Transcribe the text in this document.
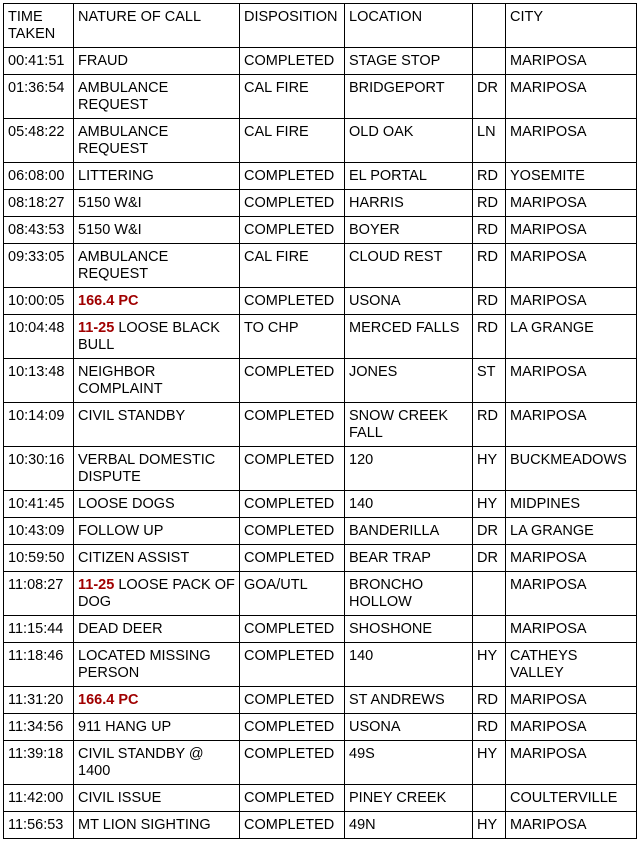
TIME TAKEN	NATURE OF CALL	DISPOSITION	LOCATION		CITY
00:41:51	FRAUD	COMPLETED	STAGE STOP		MARIPOSA
01:36:54	AMBULANCE REQUEST	CAL FIRE	BRIDGEPORT	DR	MARIPOSA
05:48:22	AMBULANCE REQUEST	CAL FIRE	OLD OAK	LN	MARIPOSA
06:08:00	LITTERING	COMPLETED	EL PORTAL	RD	YOSEMITE
08:18:27	5150 W&I	COMPLETED	HARRIS	RD	MARIPOSA
08:43:53	5150 W&I	COMPLETED	BOYER	RD	MARIPOSA
09:33:05	AMBULANCE REQUEST	CAL FIRE	CLOUD REST	RD	MARIPOSA
10:00:05	166.4 PC	COMPLETED	USONA	RD	MARIPOSA
10:04:48	11-25 LOOSE BLACK BULL	TO CHP	MERCED FALLS	RD	LA GRANGE
10:13:48	NEIGHBOR COMPLAINT	COMPLETED	JONES	ST	MARIPOSA
10:14:09	CIVIL STANDBY	COMPLETED	SNOW CREEK FALL	RD	MARIPOSA
10:30:16	VERBAL DOMESTIC DISPUTE	COMPLETED	120	HY	BUCKMEADOWS
10:41:45	LOOSE DOGS	COMPLETED	140	HY	MIDPINES
10:43:09	FOLLOW UP	COMPLETED	BANDERILLA	DR	LA GRANGE
10:59:50	CITIZEN ASSIST	COMPLETED	BEAR TRAP	DR	MARIPOSA
11:08:27	11-25 LOOSE PACK OF DOG	GOA/UTL	BRONCHO HOLLOW		MARIPOSA
11:15:44	DEAD DEER	COMPLETED	SHOSHONE		MARIPOSA
11:18:46	LOCATED MISSING PERSON	COMPLETED	140	HY	CATHEYS VALLEY
11:31:20	166.4 PC	COMPLETED	ST ANDREWS	RD	MARIPOSA
11:34:56	911 HANG UP	COMPLETED	USONA	RD	MARIPOSA
11:39:18	CIVIL STANDBY @ 1400	COMPLETED	49S	HY	MARIPOSA
11:42:00	CIVIL ISSUE	COMPLETED	PINEY CREEK		COULTERVILLE
11:56:53	MT LION SIGHTING	COMPLETED	49N	HY	MARIPOSA
